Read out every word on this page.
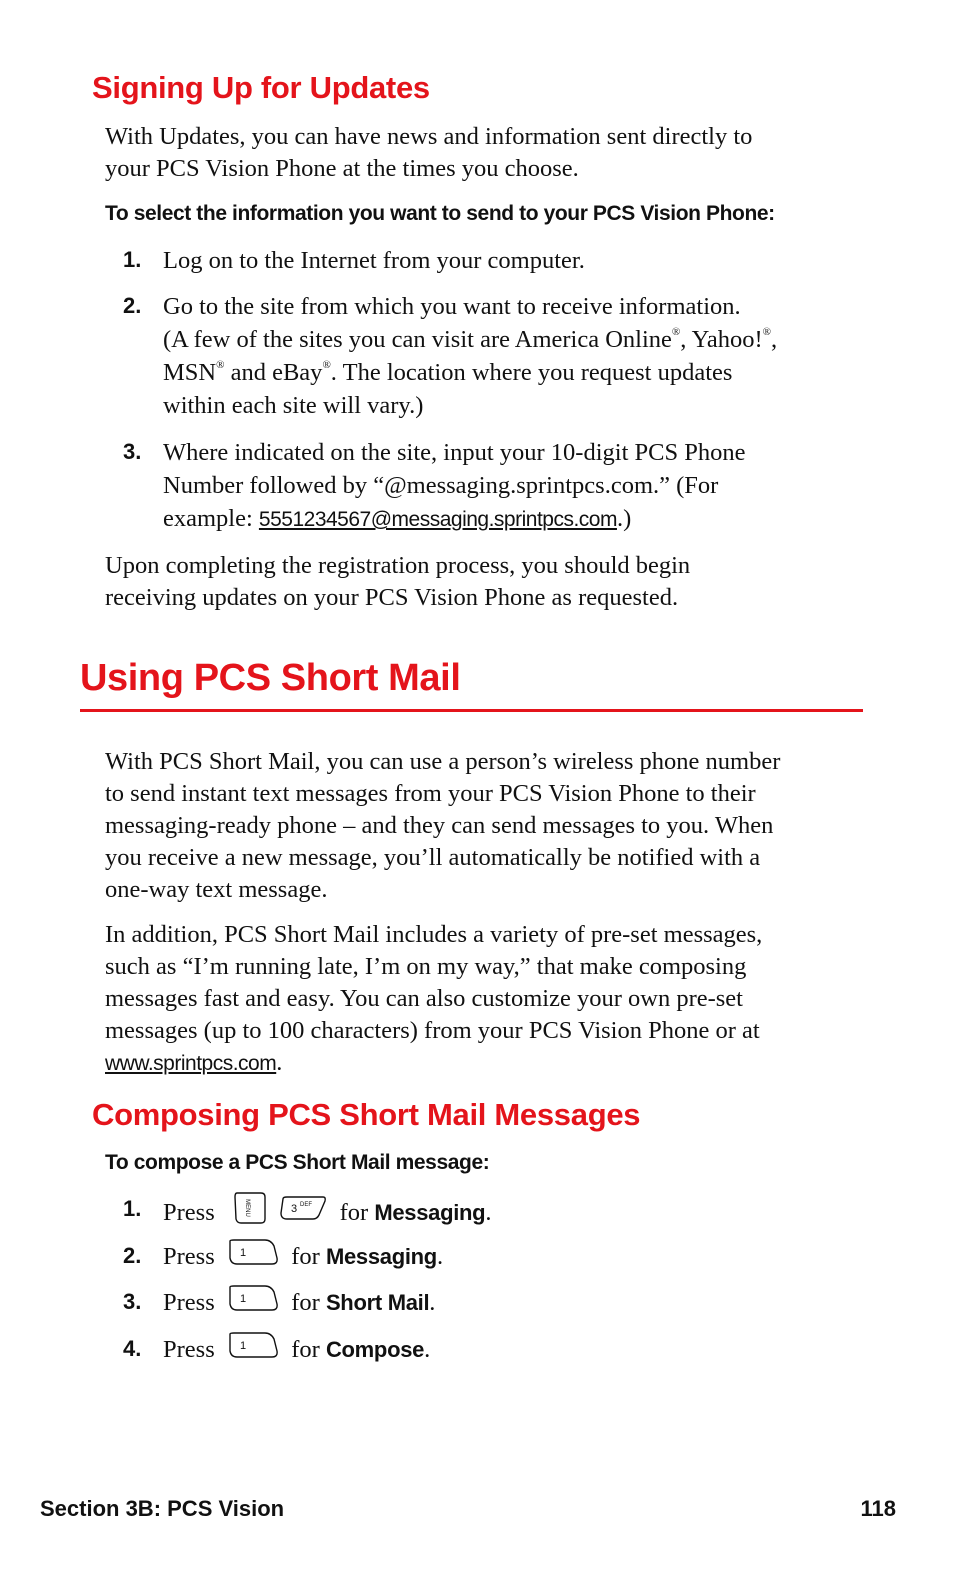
Signing Up for Updates
With Updates, you can have news and information sent directly to
your PCS Vision Phone at the times you choose.
To select the information you want to send to your PCS Vision Phone:
1. Log on to the Internet from your computer.
2. Go to the site from which you want to receive information.
(A few of the sites you can visit are America Online®, Yahoo!®,
MSN® and eBay®. The location where you request updates
within each site will vary.)
3. Where indicated on the site, input your 10-digit PCS Phone
Number followed by “@messaging.sprintpcs.com.” (For
example: 5551234567@messaging.sprintpcs.com.)
Upon completing the registration process, you should begin
receiving updates on your PCS Vision Phone as requested.
Using PCS Short Mail
With PCS Short Mail, you can use a person’s wireless phone number
to send instant text messages from your PCS Vision Phone to their
messaging-ready phone – and they can send messages to you. When
you receive a new message, you’ll automatically be notified with a
one-way text message.
In addition, PCS Short Mail includes a variety of pre-set messages,
such as “I’m running late, I’m on my way,” that make composing
messages fast and easy. You can also customize your own pre-set
messages (up to 100 characters) from your PCS Vision Phone or at
www.sprintpcs.com.
Composing PCS Short Mail Messages
To compose a PCS Short Mail message:
1. Press	MENU
	3 DEF for Messaging.
2. Press 1 for Messaging.
3. Press 1 for Short Mail.
4. Press 1 for Compose.
Section 3B: PCS Vision	118
